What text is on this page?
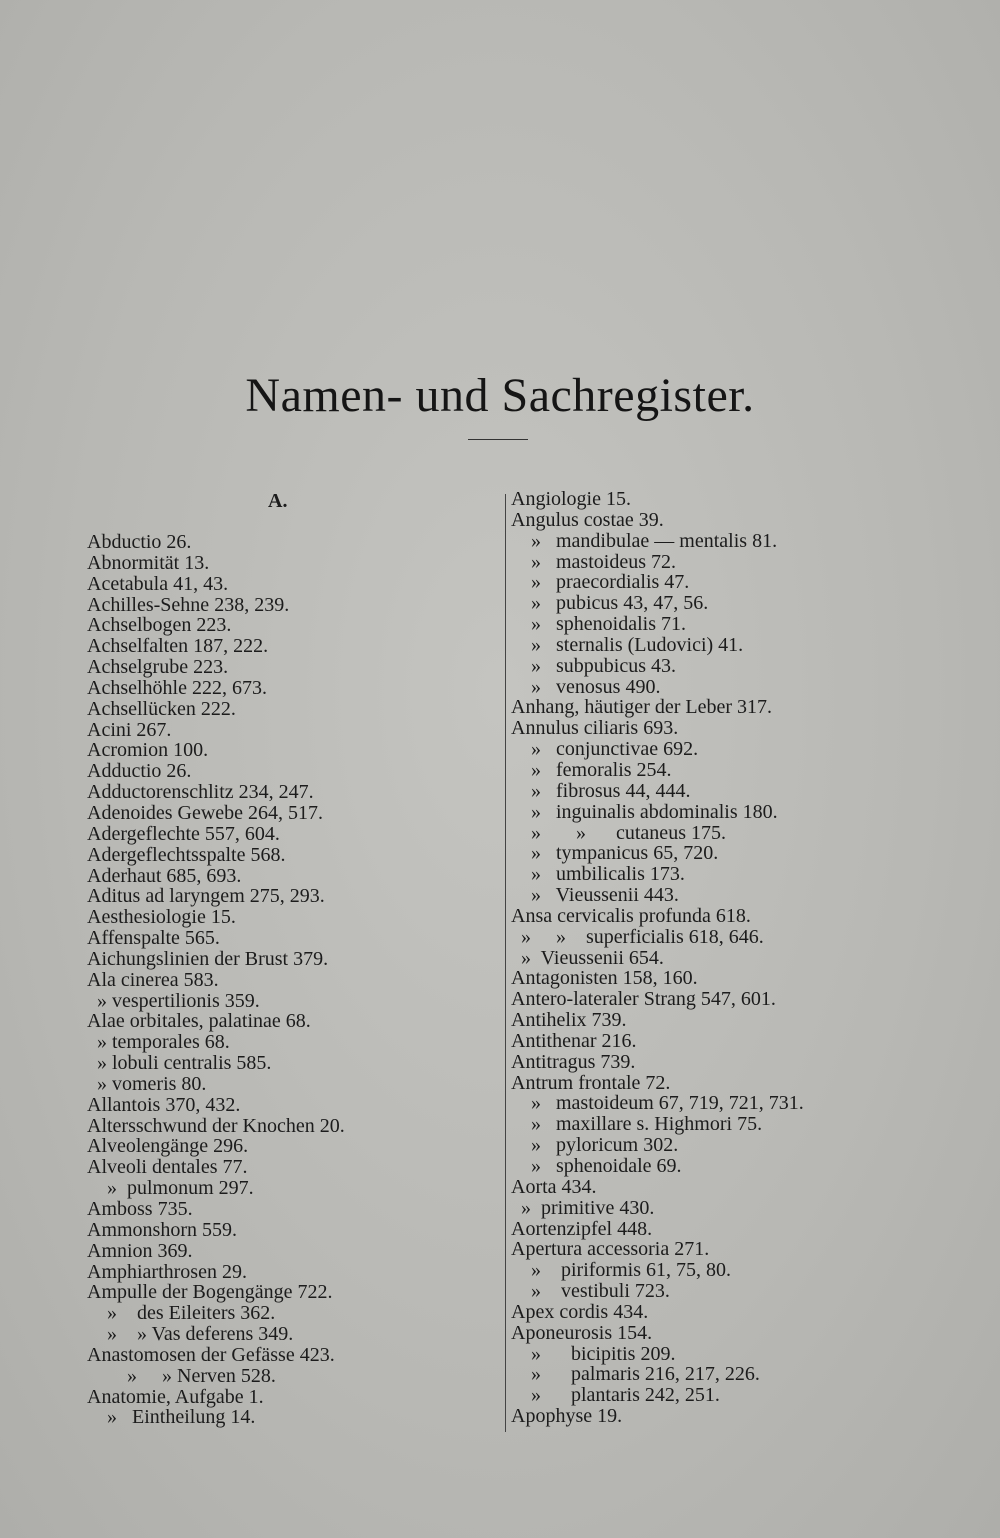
Namen- und Sachregister.
A.
Abductio 26.
Abnormität 13.
Acetabula 41, 43.
Achilles-Sehne 238, 239.
Achselbogen 223.
Achselfalten 187, 222.
Achselgrube 223.
Achselhöhle 222, 673.
Achsellücken 222.
Acini 267.
Acromion 100.
Adductio 26.
Adductorenschlitz 234, 247.
Adenoides Gewebe 264, 517.
Adergeflechte 557, 604.
Adergeflechtsspalte 568.
Aderhaut 685, 693.
Aditus ad laryngem 275, 293.
Aesthesiologie 15.
Affenspalte 565.
Aichungslinien der Brust 379.
Ala cinerea 583.
» vespertilionis 359.
Alae orbitales, palatinae 68.
» temporales 68.
» lobuli centralis 585.
» vomeris 80.
Allantois 370, 432.
Altersschwund der Knochen 20.
Alveolengänge 296.
Alveoli dentales 77.
»  pulmonum 297.
Amboss 735.
Ammonshorn 559.
Amnion 369.
Amphiarthrosen 29.
Ampulle der Bogengänge 722.
»    des Eileiters 362.
»    » Vas deferens 349.
Anastomosen der Gefässe 423.
»     » Nerven 528.
Anatomie, Aufgabe 1.
»   Eintheilung 14.
Angiologie 15.
Angulus costae 39.
»   mandibulae — mentalis 81.
»   mastoideus 72.
»   praecordialis 47.
»   pubicus 43, 47, 56.
»   sphenoidalis 71.
»   sternalis (Ludovici) 41.
»   subpubicus 43.
»   venosus 490.
Anhang, häutiger der Leber 317.
Annulus ciliaris 693.
»   conjunctivae 692.
»   femoralis 254.
»   fibrosus 44, 444.
»   inguinalis abdominalis 180.
»       »      cutaneus 175.
»   tympanicus 65, 720.
»   umbilicalis 173.
»   Vieussenii 443.
Ansa cervicalis profunda 618.
»     »    superficialis 618, 646.
»  Vieussenii 654.
Antagonisten 158, 160.
Antero-lateraler Strang 547, 601.
Antihelix 739.
Antithenar 216.
Antitragus 739.
Antrum frontale 72.
»   mastoideum 67, 719, 721, 731.
»   maxillare s. Highmori 75.
»   pyloricum 302.
»   sphenoidale 69.
Aorta 434.
»  primitive 430.
Aortenzipfel 448.
Apertura accessoria 271.
»    piriformis 61, 75, 80.
»    vestibuli 723.
Apex cordis 434.
Aponeurosis 154.
»      bicipitis 209.
»      palmaris 216, 217, 226.
»      plantaris 242, 251.
Apophyse 19.
